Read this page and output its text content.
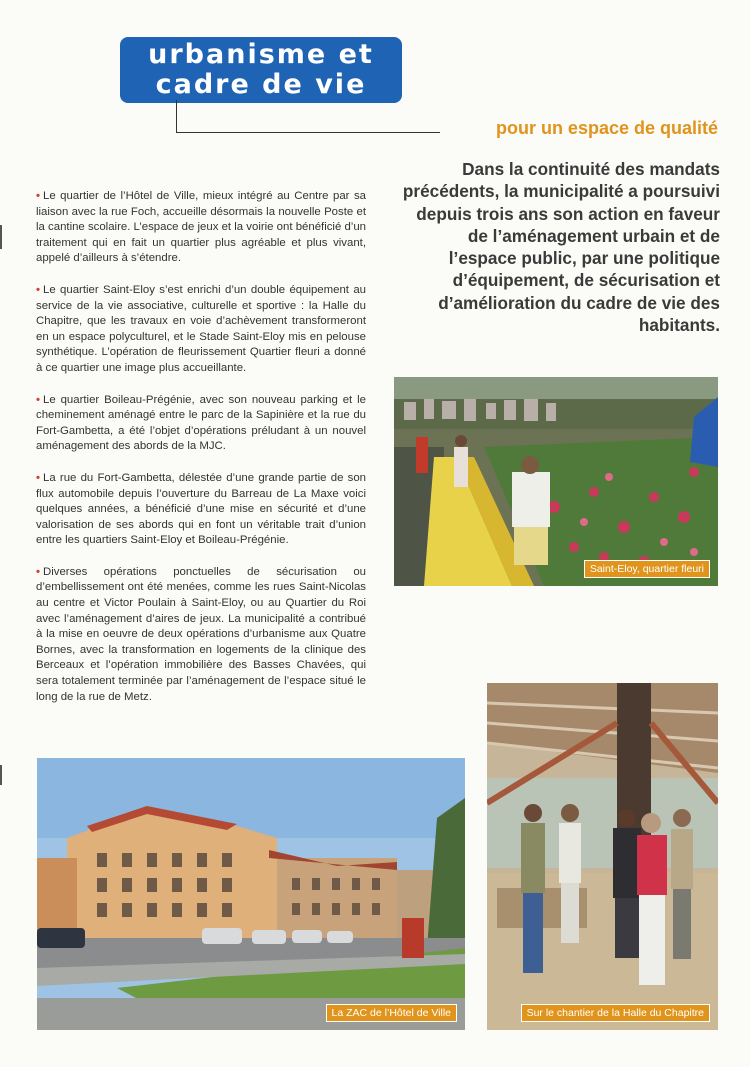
urbanisme et
cadre de vie
pour un espace de qualité
Dans la continuité des mandats précédents, la municipalité a poursuivi depuis trois ans son action en faveur de l’aménagement urbain et de l’espace public, par une politique d’équipement, de sécurisation et d’amélioration du cadre de vie des habitants.

• Le quartier de l’Hôtel de Ville, mieux intégré au Centre par sa liaison avec la rue Foch, accueille désormais la nouvelle Poste et la cantine scolaire. L’espace de jeux et la voirie ont bénéficié d’un traitement qui en fait un quartier plus agréable et plus vivant, appelé d’ailleurs à s’étendre.

• Le quartier Saint-Eloy s’est enrichi d’un double équipement au service de la vie associative, culturelle et sportive : la Halle du Chapitre, que les travaux en voie d’achèvement transformeront en un espace polyculturel, et le Stade Saint-Eloy mis en pelouse synthétique. L’opération de fleurissement Quartier fleuri a donné à ce quartier une image plus accueillante.

• Le quartier Boileau-Prégénie, avec son nouveau parking et le cheminement aménagé entre le parc de la Sapinière et la rue du Fort-Gambetta, a été l’objet d’opérations préludant à un nouvel aménagement des abords de la MJC.

• La rue du Fort-Gambetta, délestée d’une grande partie de son flux automobile depuis l’ouverture du Barreau de La Maxe voici quelques années, a bénéficié d’une mise en sécurité et d’une valorisation de ses abords qui en font un véritable trait d’union entre les quartiers Saint-Eloy et Boileau-Prégénie.

• Diverses opérations ponctuelles de sécurisation ou d’embellissement ont été menées, comme les rues Saint-Nicolas au centre et Victor Poulain à Saint-Eloy, ou au Quartier du Roi avec l’aménagement d’aires de jeux. La municipalité a contribué à la mise en oeuvre de deux opérations d’urbanisme aux Quatre Bornes, avec la transformation en logements de la clinique des Berceaux et l’opération immobilière des Basses Chavées, qui sera totalement terminée par l’aménagement de l’espace situé le long de la rue de Metz.

Saint-Eloy, quartier fleuri
Sur le chantier de la Halle du Chapitre
La ZAC de l’Hôtel de Ville
